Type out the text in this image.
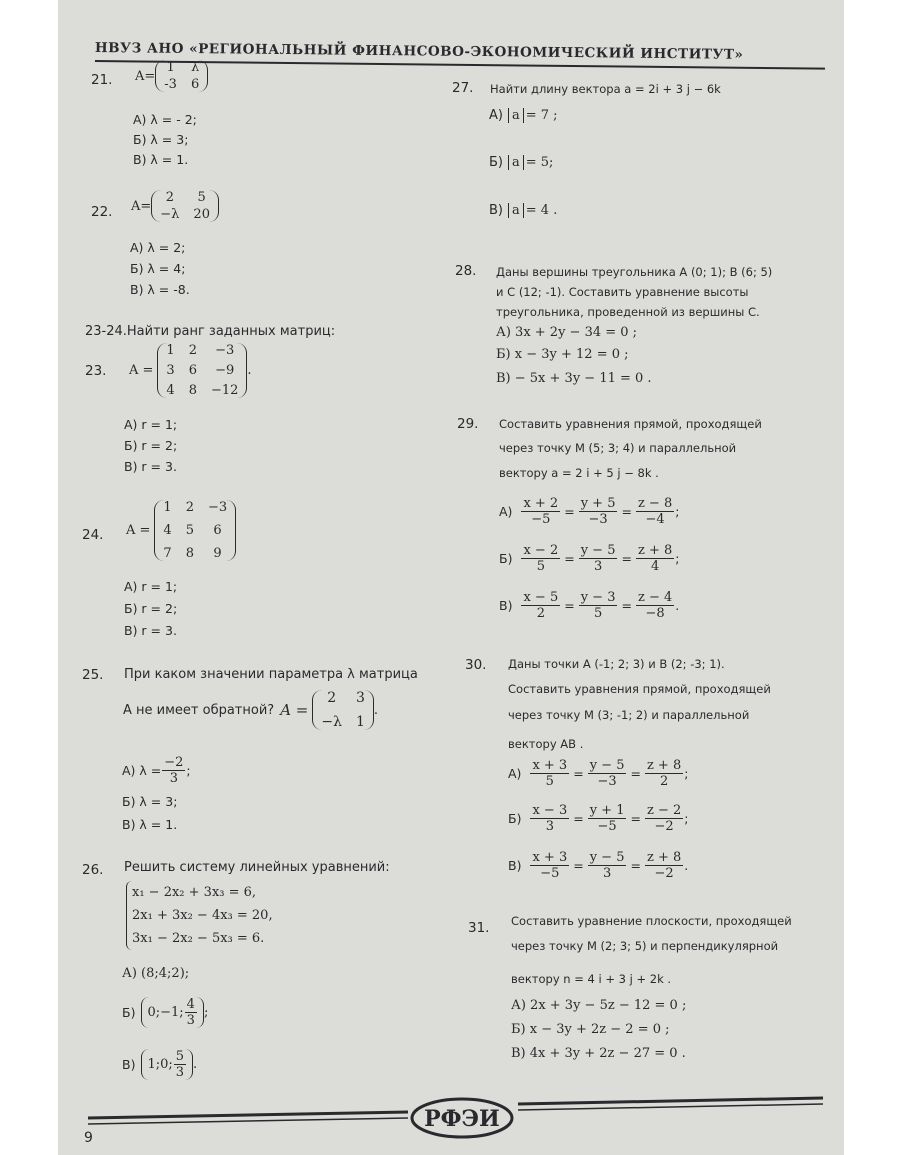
НВУЗ АНО «РЕГИОНАЛЬНЫЙ ФИНАНСОВО-ЭКОНОМИЧЕСКИЙ ИНСТИТУТ»
21. A=
1 λ
-3 6
А) λ = - 2;
Б) λ = 3;
В) λ = 1.
22. A=
2	5
−λ 20
А) λ = 2;
Б) λ = 4;
В) λ = -8.
23-24.Найти ранг заданных матриц:
23. A =
1 2	−3
3 6	−9
4 8 −12
.
А) r = 1;
Б) r = 2;
В) r = 3.
24. A =
1 2 −3
4 5	6
7 8	9
А) r = 1;
Б) r = 2;
В) r = 3.
25. При каком значении параметра λ матрица
А не имеет обратной? A =
2	3
−λ 1
.
А) $\lambda = \frac{-2}{3}$ ;
Б) λ = 3;
В) λ = 1.
26. Решить систему линейных уравнений:
x₁ − 2x₂ + 3x₃ = 6,
2x₁ + 3x₂ − 4x₃ = 20,
3x₁ − 2x₂ − 5x₃ = 6.
А) (8;4;2);
Б) 0;−1; $\frac{4}{3}$ ;
В) 1;0; $\frac{5}{3}$ .
27. Найти длину вектора a = 2i + 3 j − 6k
А) a = 7 ;
Б) a = 5;
В) a = 4 .
28. Даны вершины треугольника А (0; 1); В (6; 5)
и С (12; -1). Составить уравнение высоты
треугольника, проведенной из вершины С.
А) 3x + 2y − 34 = 0 ;
Б) x − 3y + 12 = 0 ;
В) − 5x + 3y − 11 = 0 .
29. Составить уравнения прямой, проходящей
через точку М (5; 3; 4) и параллельной
вектору a = 2 i + 5 j − 8k .
$А) \frac{x + 2}{-5} = \frac{y + 5}{-3} = \frac{z - 8}{-4}$ ;
$Б) \frac{x - 2}{5} = \frac{y - 5}{3} = \frac{z + 8}{4}$ ;
$В) \frac{x - 5}{2} = \frac{y - 3}{5} = \frac{z - 4}{-8}$ .
30. Даны точки А (-1; 2; 3) и В (2; -3; 1).
Составить уравнения прямой, проходящей
через точку М (3; -1; 2) и параллельной
вектору AB .
$А) \frac{x + 3}{5} = \frac{y - 5}{-3} = \frac{z + 8}{2}$ ;
$Б) \frac{x - 3}{3} = \frac{y + 1}{-5} = \frac{z - 2}{-2}$ ;
$В) \frac{x + 3}{-5} = \frac{y - 5}{3} = \frac{z + 8}{-2}$ .
31. Составить уравнение плоскости, проходящей
через точку М (2; 3; 5) и перпендикулярной
вектору n = 4 i + 3 j + 2k .
А) 2x + 3y − 5z − 12 = 0 ;
Б) x − 3y + 2z − 2 = 0 ;
В) 4x + 3y + 2z − 27 = 0 .
РФЭИ
9
